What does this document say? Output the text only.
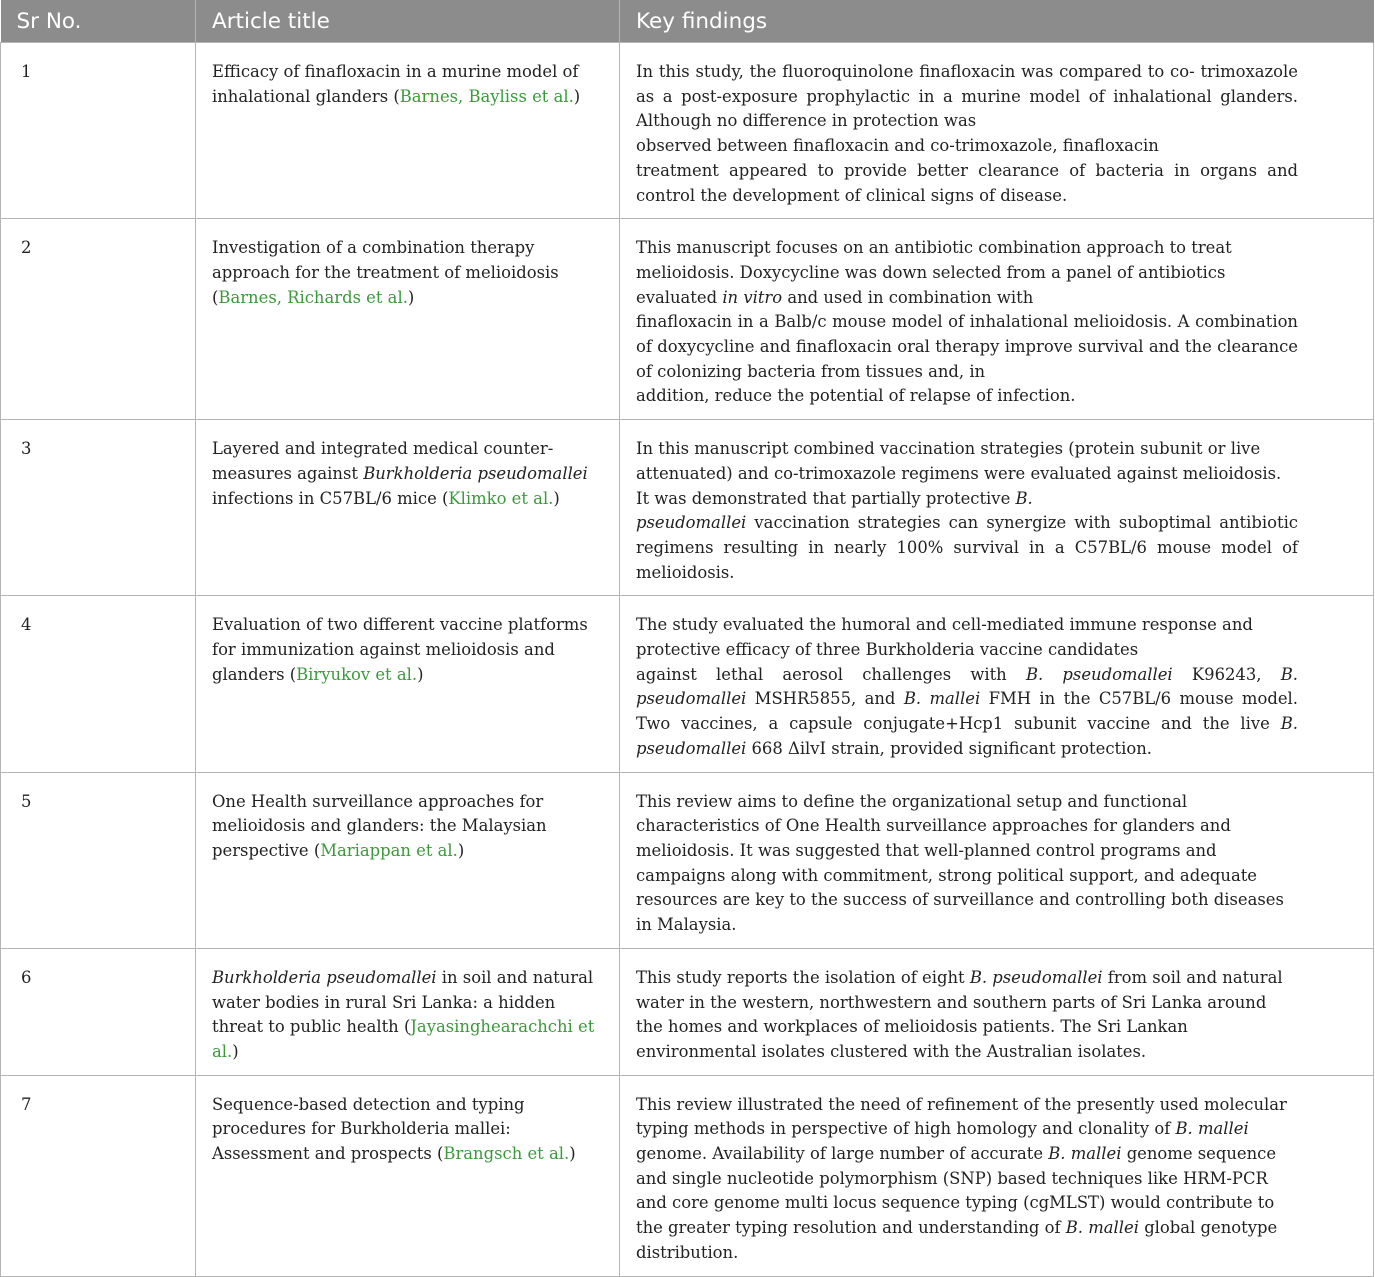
Sr No.	Article title	Key findings
1	Efficacy of finafloxacin in a murine model of inhalational glanders (Barnes, Bayliss et al.)	In this study, the fluoroquinolone finafloxacin was compared to co- trimoxazole as a post-exposure prophylactic in a murine model of inhalational glanders. Although no difference in protection was
observed between finafloxacin and co-trimoxazole, finafloxacin
treatment appeared to provide better clearance of bacteria in organs and control the development of clinical signs of disease.
2	Investigation of a combination therapy approach for the treatment of melioidosis (Barnes, Richards et al.)	This manuscript focuses on an antibiotic combination approach to treat melioidosis. Doxycycline was down selected from a panel of antibiotics evaluated in vitro and used in combination with
finafloxacin in a Balb/c mouse model of inhalational melioidosis. A combination of doxycycline and finafloxacin oral therapy improve survival and the clearance of colonizing bacteria from tissues and, in
addition, reduce the potential of relapse of infection.

3	Layered and integrated medical counter- measures against Burkholderia pseudomallei infections in C57BL/6 mice (Klimko et al.)	In this manuscript combined vaccination strategies (protein subunit or live attenuated) and co-trimoxazole regimens were evaluated against melioidosis. It was demonstrated that partially protective B.
pseudomallei vaccination strategies can synergize with suboptimal antibiotic regimens resulting in nearly 100% survival in a C57BL/6 mouse model of melioidosis.
4	Evaluation of two different vaccine platforms for immunization against melioidosis and glanders (Biryukov et al.)	The study evaluated the humoral and cell-mediated immune response and protective efficacy of three Burkholderia vaccine candidates
against lethal aerosol challenges with B. pseudomallei K96243, B. pseudomallei MSHR5855, and B. mallei FMH in the C57BL/6 mouse model. Two vaccines, a capsule conjugate+Hcp1 subunit vaccine and the live B. pseudomallei 668 ΔilvI strain, provided significant protection.
5	One Health surveillance approaches for melioidosis and glanders: the Malaysian perspective (Mariappan et al.)	This review aims to define the organizational setup and functional characteristics of One Health surveillance approaches for glanders and melioidosis. It was suggested that well-planned control programs and campaigns along with commitment, strong political support, and adequate resources are key to the success of surveillance and controlling both diseases in Malaysia.
6	Burkholderia pseudomallei in soil and natural water bodies in rural Sri Lanka: a hidden threat to public health (Jayasinghearachchi et al.)	This study reports the isolation of eight B. pseudomallei from soil and natural water in the western, northwestern and southern parts of Sri Lanka around the homes and workplaces of melioidosis patients. The Sri Lankan environmental isolates clustered with the Australian isolates.
7	Sequence-based detection and typing procedures for Burkholderia mallei: Assessment and prospects (Brangsch et al.)	This review illustrated the need of refinement of the presently used molecular typing methods in perspective of high homology and clonality of B. mallei genome. Availability of large number of accurate B. mallei genome sequence and single nucleotide polymorphism (SNP) based techniques like HRM-PCR and core genome multi locus sequence typing (cgMLST) would contribute to the greater typing resolution and understanding of B. mallei global genotype distribution.
